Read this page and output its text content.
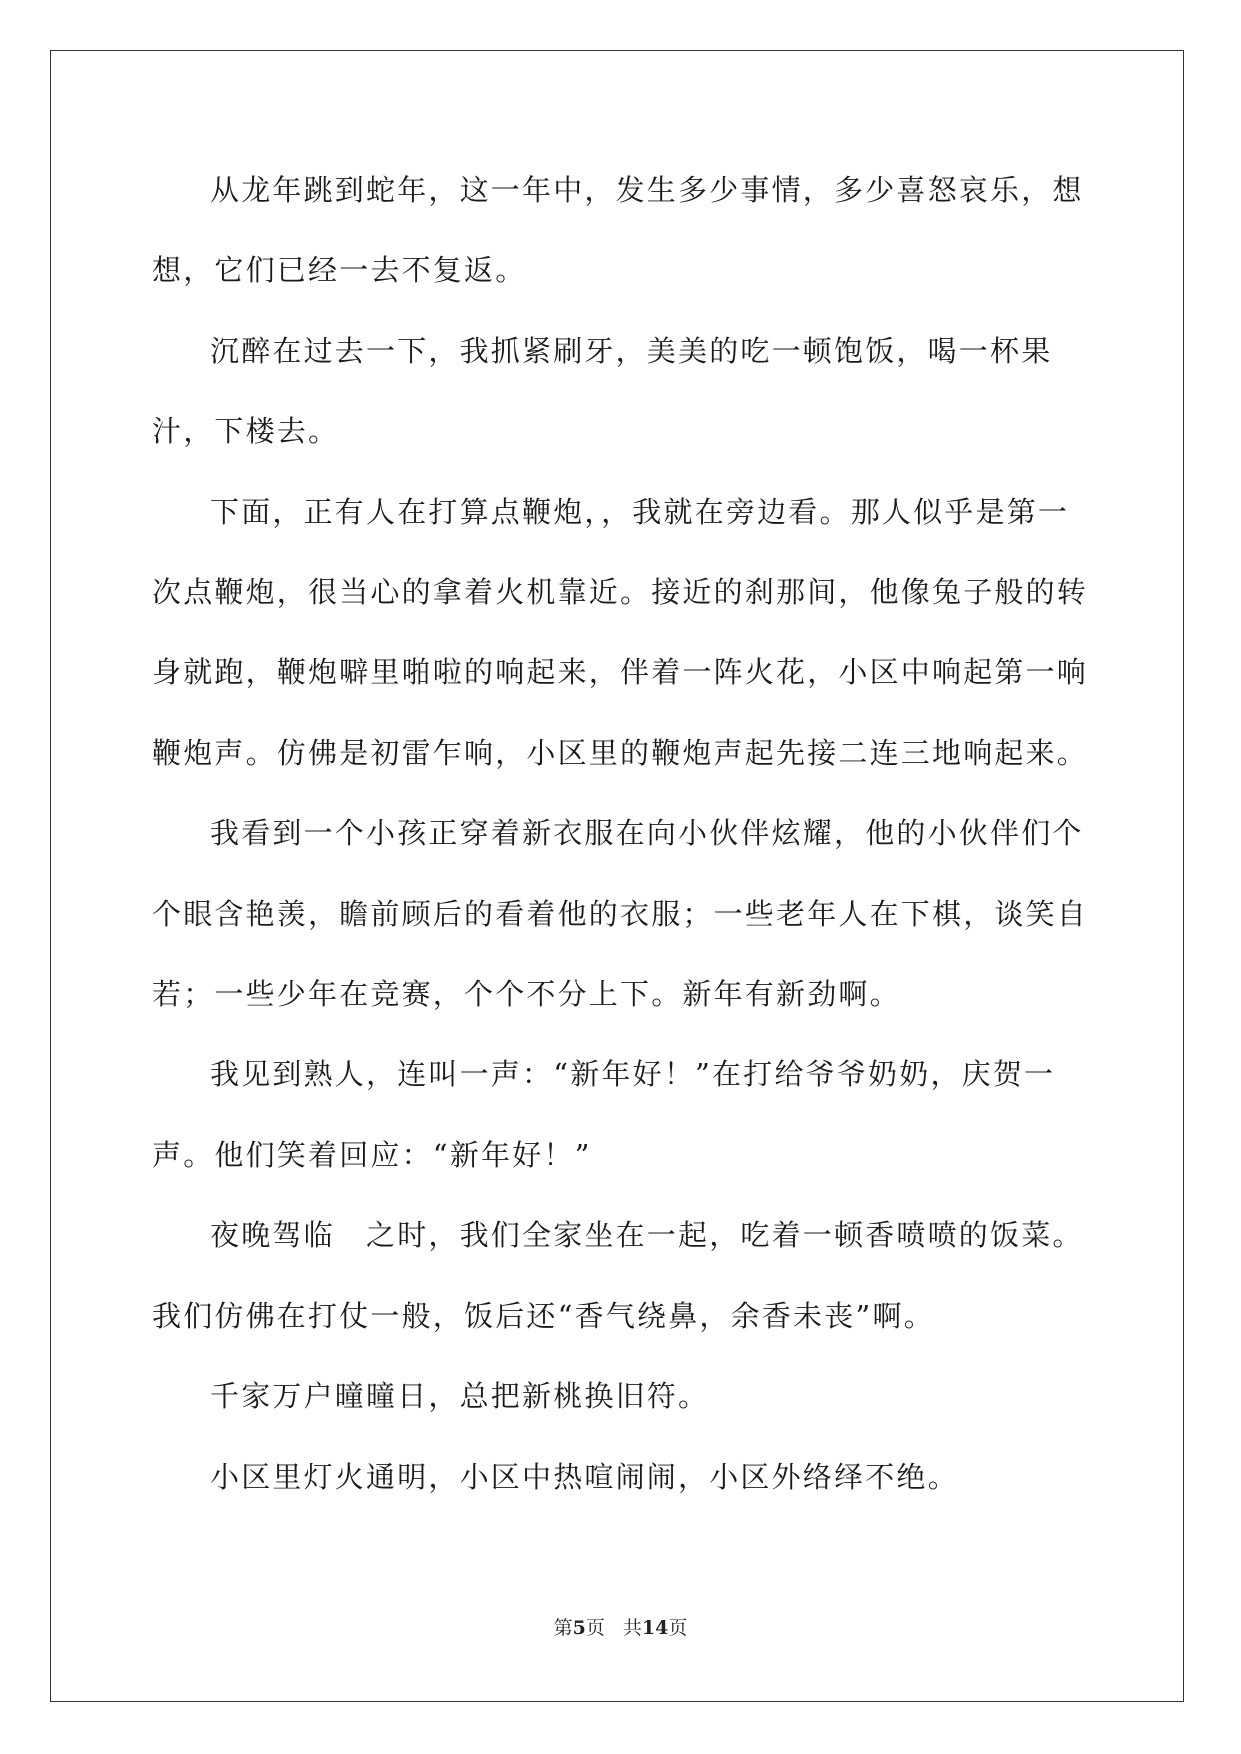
从龙年跳到蛇年，这一年中，发生多少事情，多少喜怒哀乐，想想，它们已经一去不复返。

沉醉在过去一下，我抓紧刷牙，美美的吃一顿饱饭，喝一杯果汁，下楼去。

下面，正有人在打算点鞭炮，，我就在旁边看。那人似乎是第一次点鞭炮，很当心的拿着火机靠近。接近的刹那间，他像兔子般的转身就跑，鞭炮噼里啪啦的响起来，伴着一阵火花，小区中响起第一响鞭炮声。仿佛是初雷乍响，小区里的鞭炮声起先接二连三地响起来。

我看到一个小孩正穿着新衣服在向小伙伴炫耀，他的小伙伴们个个眼含艳羡，瞻前顾后的看着他的衣服；一些老年人在下棋，谈笑自若；一些少年在竞赛，个个不分上下。新年有新劲啊。

我见到熟人，连叫一声：“新年好！”在打给爷爷奶奶，庆贺一声。他们笑着回应：“新年好！”

夜晚驾临　之时，我们全家坐在一起，吃着一顿香喷喷的饭菜。我们仿佛在打仗一般，饭后还“香气绕鼻，余香未丧”啊。

千家万户曈曈日，总把新桃换旧符。

小区里灯火通明，小区中热喧闹闹，小区外络绎不绝。

第5页 共14页
